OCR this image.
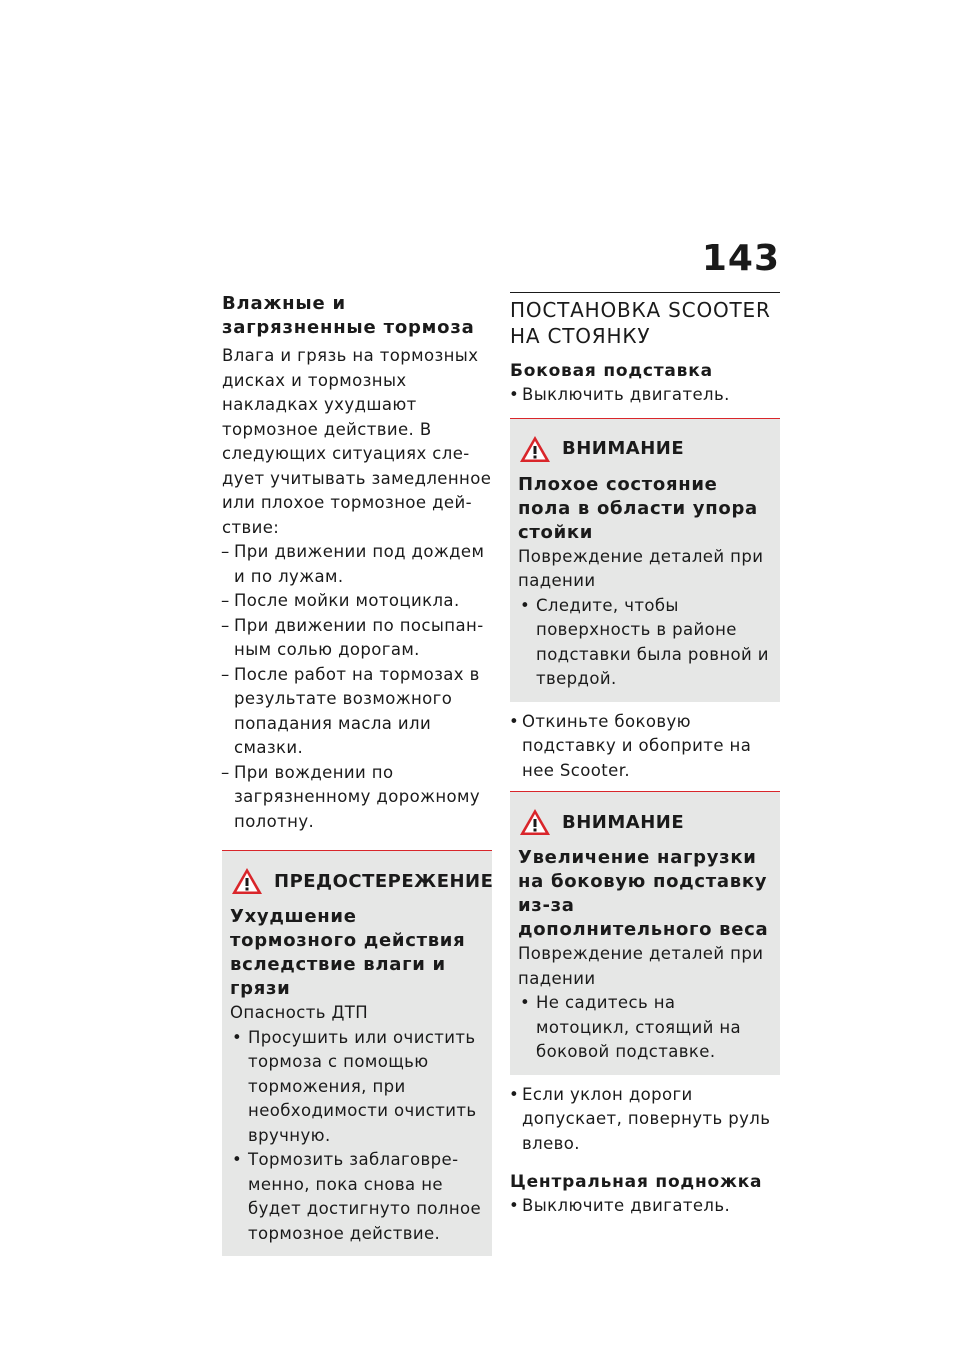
143
Влажные и загрязненные тормоза
Влага и грязь на тормозных дисках и тормозных накладках ухудшают тормозное действие. В следующих ситуациях следует учитывать замедленное или плохое тормозное действие:
– При движении под дождем и по лужам.
– После мойки мотоцикла.
– При движении по посыпанным солью дорогам.
– После работ на тормозах в результате возможного попадания масла или смазки.
– При вождении по загрязненному дорожному полотну.
ПРЕДОСТЕРЕЖЕНИЕ
Ухудшение тормозного действия вследствие влаги и грязи
Опасность ДТП
• Просушить или очистить тормоза с помощью торможения, при необходимости очистить вручную.
• Тормозить заблаговременно, пока снова не будет достигнуто полное тормозное действие.
ПОСТАНОВКА SCOOTER НА СТОЯНКУ
Боковая подставка
• Выключить двигатель.
ВНИМАНИЕ
Плохое состояние пола в области упора стойки
Повреждение деталей при падении
• Следите, чтобы поверхность в районе подставки была ровной и твердой.
• Откиньте боковую подставку и обоприте на нее Scooter.
ВНИМАНИЕ
Увеличение нагрузки на боковую подставку из-за дополнительного веса
Повреждение деталей при падении
• Не садитесь на мотоцикл, стоящий на боковой подставке.
• Если уклон дороги допускает, повернуть руль влево.
Центральная подножка
• Выключите двигатель.
